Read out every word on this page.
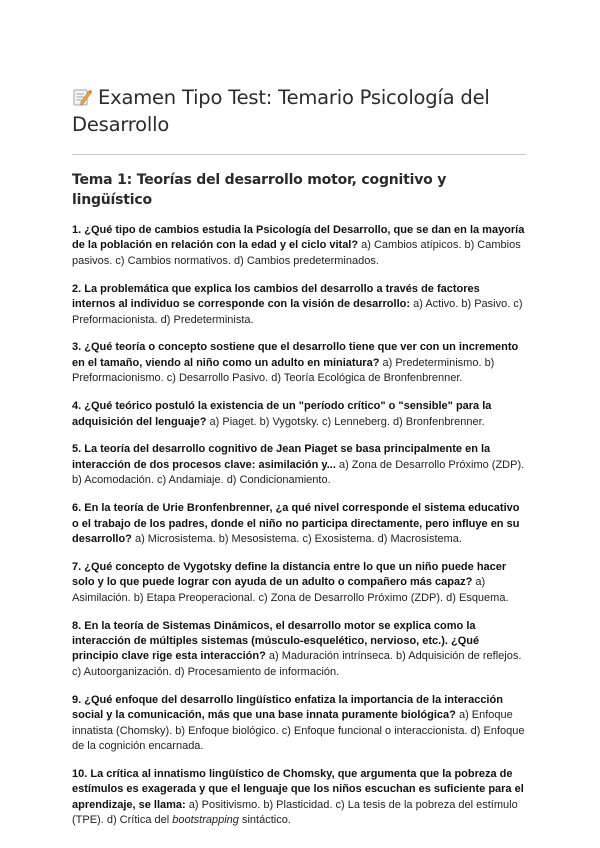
Examen Tipo Test: Temario Psicología del Desarrollo
Tema 1: Teorías del desarrollo motor, cognitivo y lingüístico

1. ¿Qué tipo de cambios estudia la Psicología del Desarrollo, que se dan en la mayoría de la población en relación con la edad y el ciclo vital? a) Cambios atípicos. b) Cambios pasivos. c) Cambios normativos. d) Cambios predeterminados.

2. La problemática que explica los cambios del desarrollo a través de factores internos al individuo se corresponde con la visión de desarrollo: a) Activo. b) Pasivo. c) Preformacionista. d) Predeterminista.

3. ¿Qué teoría o concepto sostiene que el desarrollo tiene que ver con un incremento en el tamaño, viendo al niño como un adulto en miniatura? a) Predeterminismo. b) Preformacionismo. c) Desarrollo Pasivo. d) Teoría Ecológica de Bronfenbrenner.

4. ¿Qué teórico postuló la existencia de un "período crítico" o "sensible" para la adquisición del lenguaje? a) Piaget. b) Vygotsky. c) Lenneberg. d) Bronfenbrenner.

5. La teoría del desarrollo cognitivo de Jean Piaget se basa principalmente en la interacción de dos procesos clave: asimilación y... a) Zona de Desarrollo Próximo (ZDP). b) Acomodación. c) Andamiaje. d) Condicionamiento.

6. En la teoría de Urie Bronfenbrenner, ¿a qué nivel corresponde el sistema educativo o el trabajo de los padres, donde el niño no participa directamente, pero influye en su desarrollo? a) Microsistema. b) Mesosistema. c) Exosistema. d) Macrosistema.

7. ¿Qué concepto de Vygotsky define la distancia entre lo que un niño puede hacer solo y lo que puede lograr con ayuda de un adulto o compañero más capaz? a) Asimilación. b) Etapa Preoperacional. c) Zona de Desarrollo Próximo (ZDP). d) Esquema.

8. En la teoría de Sistemas Dinámicos, el desarrollo motor se explica como la interacción de múltiples sistemas (músculo-esquelético, nervioso, etc.). ¿Qué principio clave rige esta interacción? a) Maduración intrínseca. b) Adquisición de reflejos. c) Autoorganización. d) Procesamiento de información.

9. ¿Qué enfoque del desarrollo lingüístico enfatiza la importancia de la interacción social y la comunicación, más que una base innata puramente biológica? a) Enfoque innatista (Chomsky). b) Enfoque biológico. c) Enfoque funcional o interaccionista. d) Enfoque de la cognición encarnada.

10. La crítica al innatismo lingüístico de Chomsky, que argumenta que la pobreza de estímulos es exagerada y que el lenguaje que los niños escuchan es suficiente para el aprendizaje, se llama: a) Positivismo. b) Plasticidad. c) La tesis de la pobreza del estímulo (TPE). d) Crítica del bootstrapping sintáctico.
